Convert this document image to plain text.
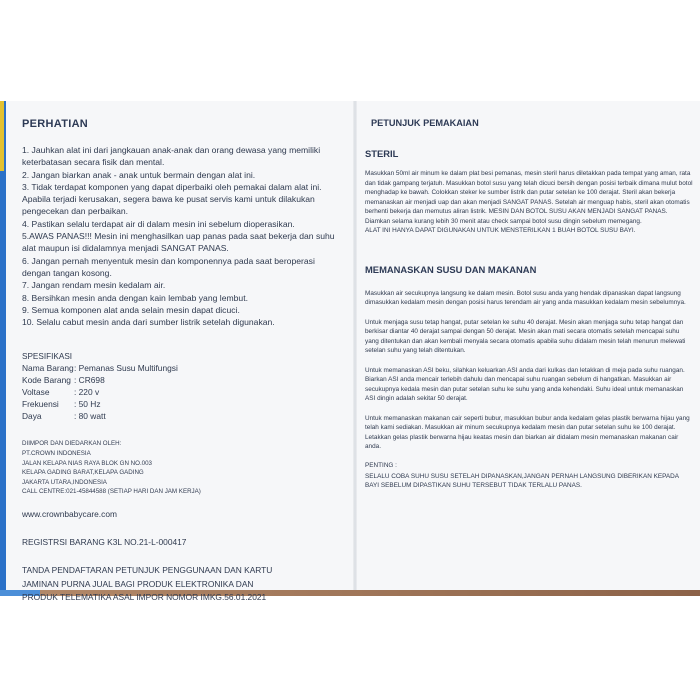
PERHATIAN
1. Jauhkan alat ini dari jangkauan anak-anak dan orang dewasa yang memiliki keterbatasan secara fisik dan mental.
2. Jangan biarkan anak - anak untuk bermain dengan alat ini.
3. Tidak terdapat komponen yang dapat diperbaiki oleh pemakai dalam alat ini. Apabila terjadi kerusakan, segera bawa ke pusat servis kami untuk dilakukan pengecekan dan perbaikan.
4. Pastikan selalu terdapat air di dalam mesin ini sebelum dioperasikan.
5.AWAS PANAS!!! Mesin ini menghasilkan uap panas pada saat bekerja dan suhu alat maupun isi didalamnya menjadi SANGAT PANAS.
6. Jangan pernah menyentuk mesin dan komponennya pada saat beroperasi dengan tangan kosong.
7. Jangan rendam mesin kedalam air.
8. Bersihkan mesin anda dengan kain lembab yang lembut.
9. Semua komponen alat anda selain mesin dapat dicuci.
10. Selalu cabut mesin anda dari sumber listrik setelah digunakan.
SPESIFIKASI
Nama Barang : Pemanas Susu Multifungsi
Kode Barang : CR698
Voltase	: 220 v
Frekuensi	: 50 Hz
Daya	: 80 watt
DIIMPOR DAN DIEDARKAN OLEH:
PT.CROWN INDONESIA
JALAN KELAPA NIAS RAYA BLOK GN NO.003
KELAPA GADING BARAT,KELAPA GADING
JAKARTA UTARA,INDONESIA
CALL CENTRE:021-45844588 (SETIAP HARI DAN JAM KERJA)
www.crownbabycare.com
REGISTRSI BARANG K3L NO.21-L-000417
TANDA PENDAFTARAN PETUNJUK PENGGUNAAN DAN KARTU
JAMINAN PURNA JUAL BAGI PRODUK ELEKTRONIKA DAN
PRODUK TELEMATIKA ASAL IMPOR NOMOR IMKG.56.01.2021
PETUNJUK PEMAKAIAN
STERIL
Masukkan 50ml air minum ke dalam plat besi pemanas, mesin steril harus diletakkan pada tempat yang aman, rata dan tidak gampang terjatuh. Masukkan botol susu yang telah dicuci bersih dengan posisi terbaik dimana mulut botol menghadap ke bawah. Colokkan steker ke sumber listrik dan putar setelan ke 100 derajat. Steril akan bekerja memanaskan air menjadi uap dan akan menjadi SANGAT PANAS. Setelah air menguap habis, steril akan otomatis berhenti bekerja dan memutus aliran listrik. MESIN DAN BOTOL SUSU AKAN MENJADI SANGAT PANAS. Diamkan selama kurang lebih 30 menit atau check sampai botol susu dingin sebelum memegang.
ALAT INI HANYA DAPAT DIGUNAKAN UNTUK MENSTERILKAN 1 BUAH BOTOL SUSU BAYI.
MEMANASKAN SUSU DAN MAKANAN
Masukkan air secukupnya langsung ke dalam mesin. Botol susu anda yang hendak dipanaskan dapat langsung dimasukkan kedalam mesin dengan posisi harus terendam air yang anda masukkan kedalam mesin sebelumnya.
Untuk menjaga susu tetap hangat, putar setelan ke suhu 40 derajat. Mesin akan menjaga suhu tetap hangat dan berkisar diantar 40 derajat sampai dengan 50 derajat. Mesin akan mati secara otomatis setelah mencapai suhu yang ditentukan dan akan kembali menyala secara otomatis apabila suhu didalam mesin telah menurun melewati setelan suhu yang telah ditentukan.
Untuk memanaskan ASI beku, silahkan keluarkan ASI anda dari kulkas dan letakkan di meja pada suhu ruangan. Biarkan ASI anda mencair terlebih dahulu dan mencapai suhu ruangan sebelum di hangatkan. Masukkan air secukupnya kedala mesin dan putar setelan suhu ke suhu yang anda kehendaki. Suhu ideal untuk memanaskan ASI dingin adalah sekitar 50 derajat.
Untuk memanaskan makanan cair seperti bubur, masukkan bubur anda kedalam gelas plastik berwarna hijau yang telah kami sediakan. Masukkan air minum secukupnya kedalam mesin dan putar setelan suhu ke 100 derajat. Letakkan gelas plastik berwarna hijau keatas mesin dan biarkan air didalam mesin memanaskan makanan cair anda.
PENTING :
SELALU COBA SUHU SUSU SETELAH DIPANASKAN,JANGAN PERNAH LANGSUNG DIBERIKAN KEPADA BAYI SEBELUM DIPASTIKAN SUHU TERSEBUT TIDAK TERLALU PANAS.
